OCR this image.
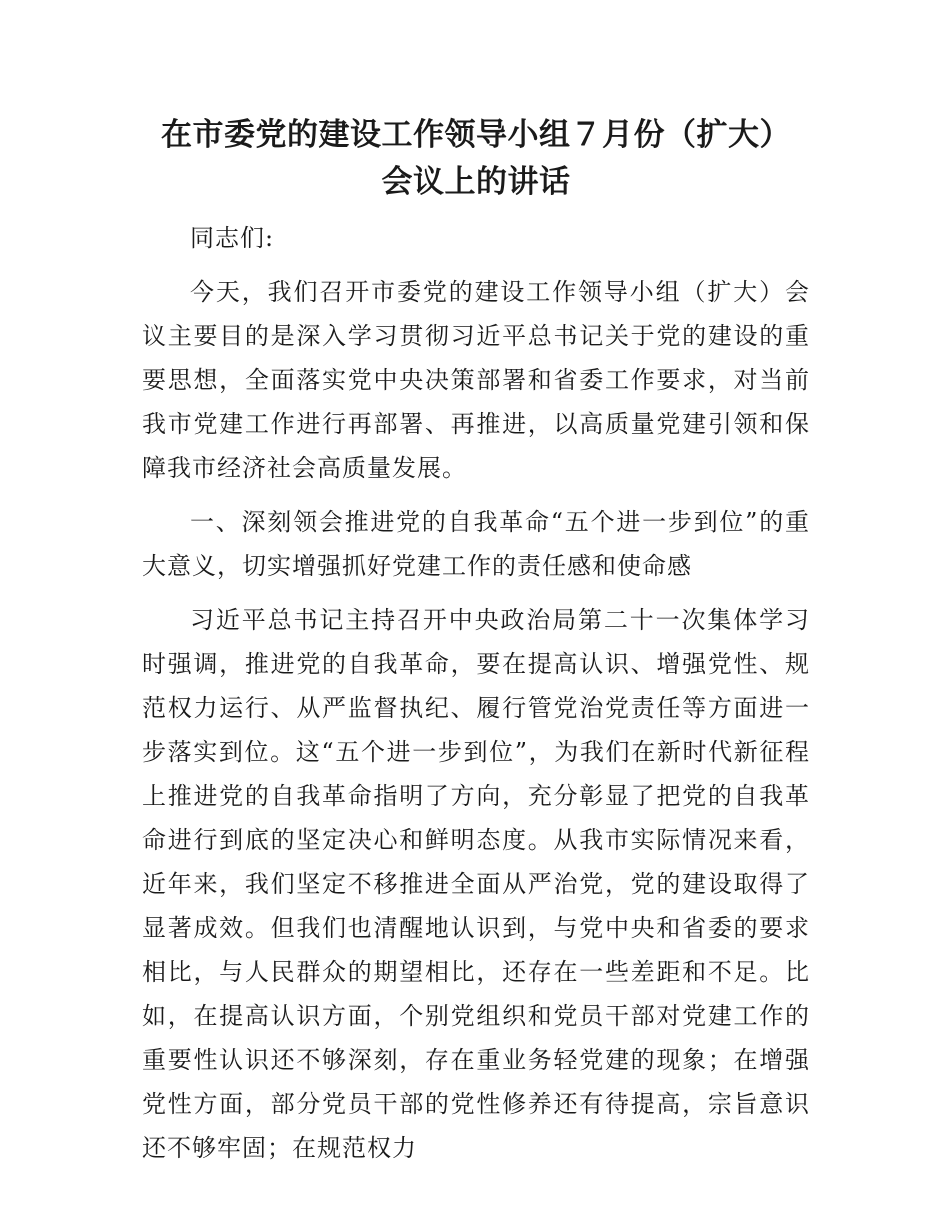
在市委党的建设工作领导小组７月份（扩大）
会议上的讲话

同志们:

今天，我们召开市委党的建设工作领导小组（扩大）会议主要目的是深入学习贯彻习近平总书记关于党的建设的重要思想，全面落实党中央决策部署和省委工作要求，对当前我市党建工作进行再部署、再推进，以高质量党建引领和保障我市经济社会高质量发展。

一、深刻领会推进党的自我革命“五个进一步到位”的重大意义，切实增强抓好党建工作的责任感和使命感

习近平总书记主持召开中央政治局第二十一次集体学习时强调，推进党的自我革命，要在提高认识、增强党性、规范权力运行、从严监督执纪、履行管党治党责任等方面进一步落实到位。这“五个进一步到位”，为我们在新时代新征程上推进党的自我革命指明了方向，充分彰显了把党的自我革命进行到底的坚定决心和鲜明态度。从我市实际情况来看，近年来，我们坚定不移推进全面从严治党，党的建设取得了显著成效。但我们也清醒地认识到，与党中央和省委的要求相比，与人民群众的期望相比，还存在一些差距和不足。比如，在提高认识方面，个别党组织和党员干部对党建工作的重要性认识还不够深刻，存在重业务轻党建的现象；在增强党性方面，部分党员干部的党性修养还有待提高，宗旨意识还不够牢固；在规范权力
